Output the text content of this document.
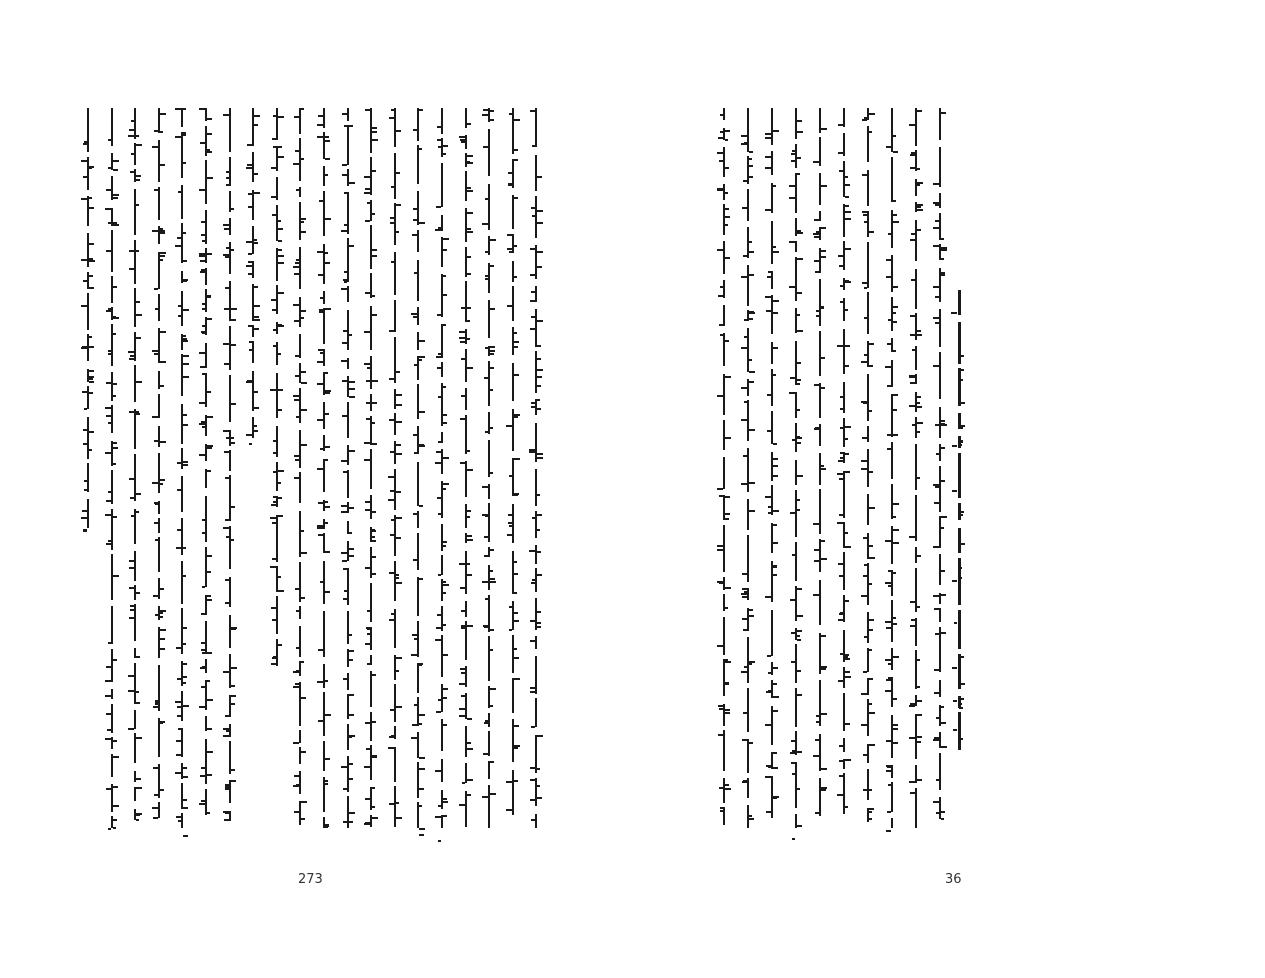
273	36
